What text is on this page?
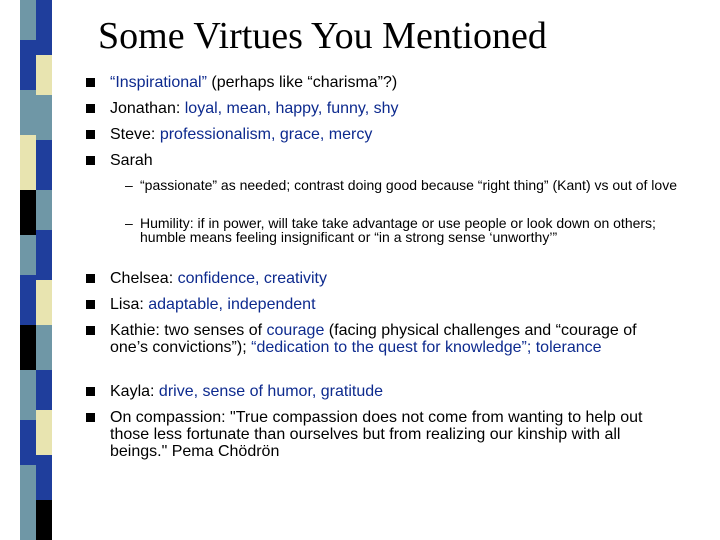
Some Virtues You Mentioned
“Inspirational” (perhaps like “charisma”?)
Jonathan: loyal, mean, happy, funny, shy
Steve: professionalism, grace, mercy
Sarah
– “passionate” as needed; contrast doing good because “right thing” (Kant) vs out of love
– Humility: if in power, will take take advantage or use people or look down on others; humble means feeling insignificant or “in a strong sense ‘unworthy’”
Chelsea: confidence, creativity
Lisa: adaptable, independent
Kathie: two senses of courage (facing physical challenges and “courage of one’s convictions”); “dedication to the quest for knowledge”; tolerance
Kayla: drive, sense of humor, gratitude
On compassion: "True compassion does not come from wanting to help out those less fortunate than ourselves but from realizing our kinship with all beings." Pema Chödrön
